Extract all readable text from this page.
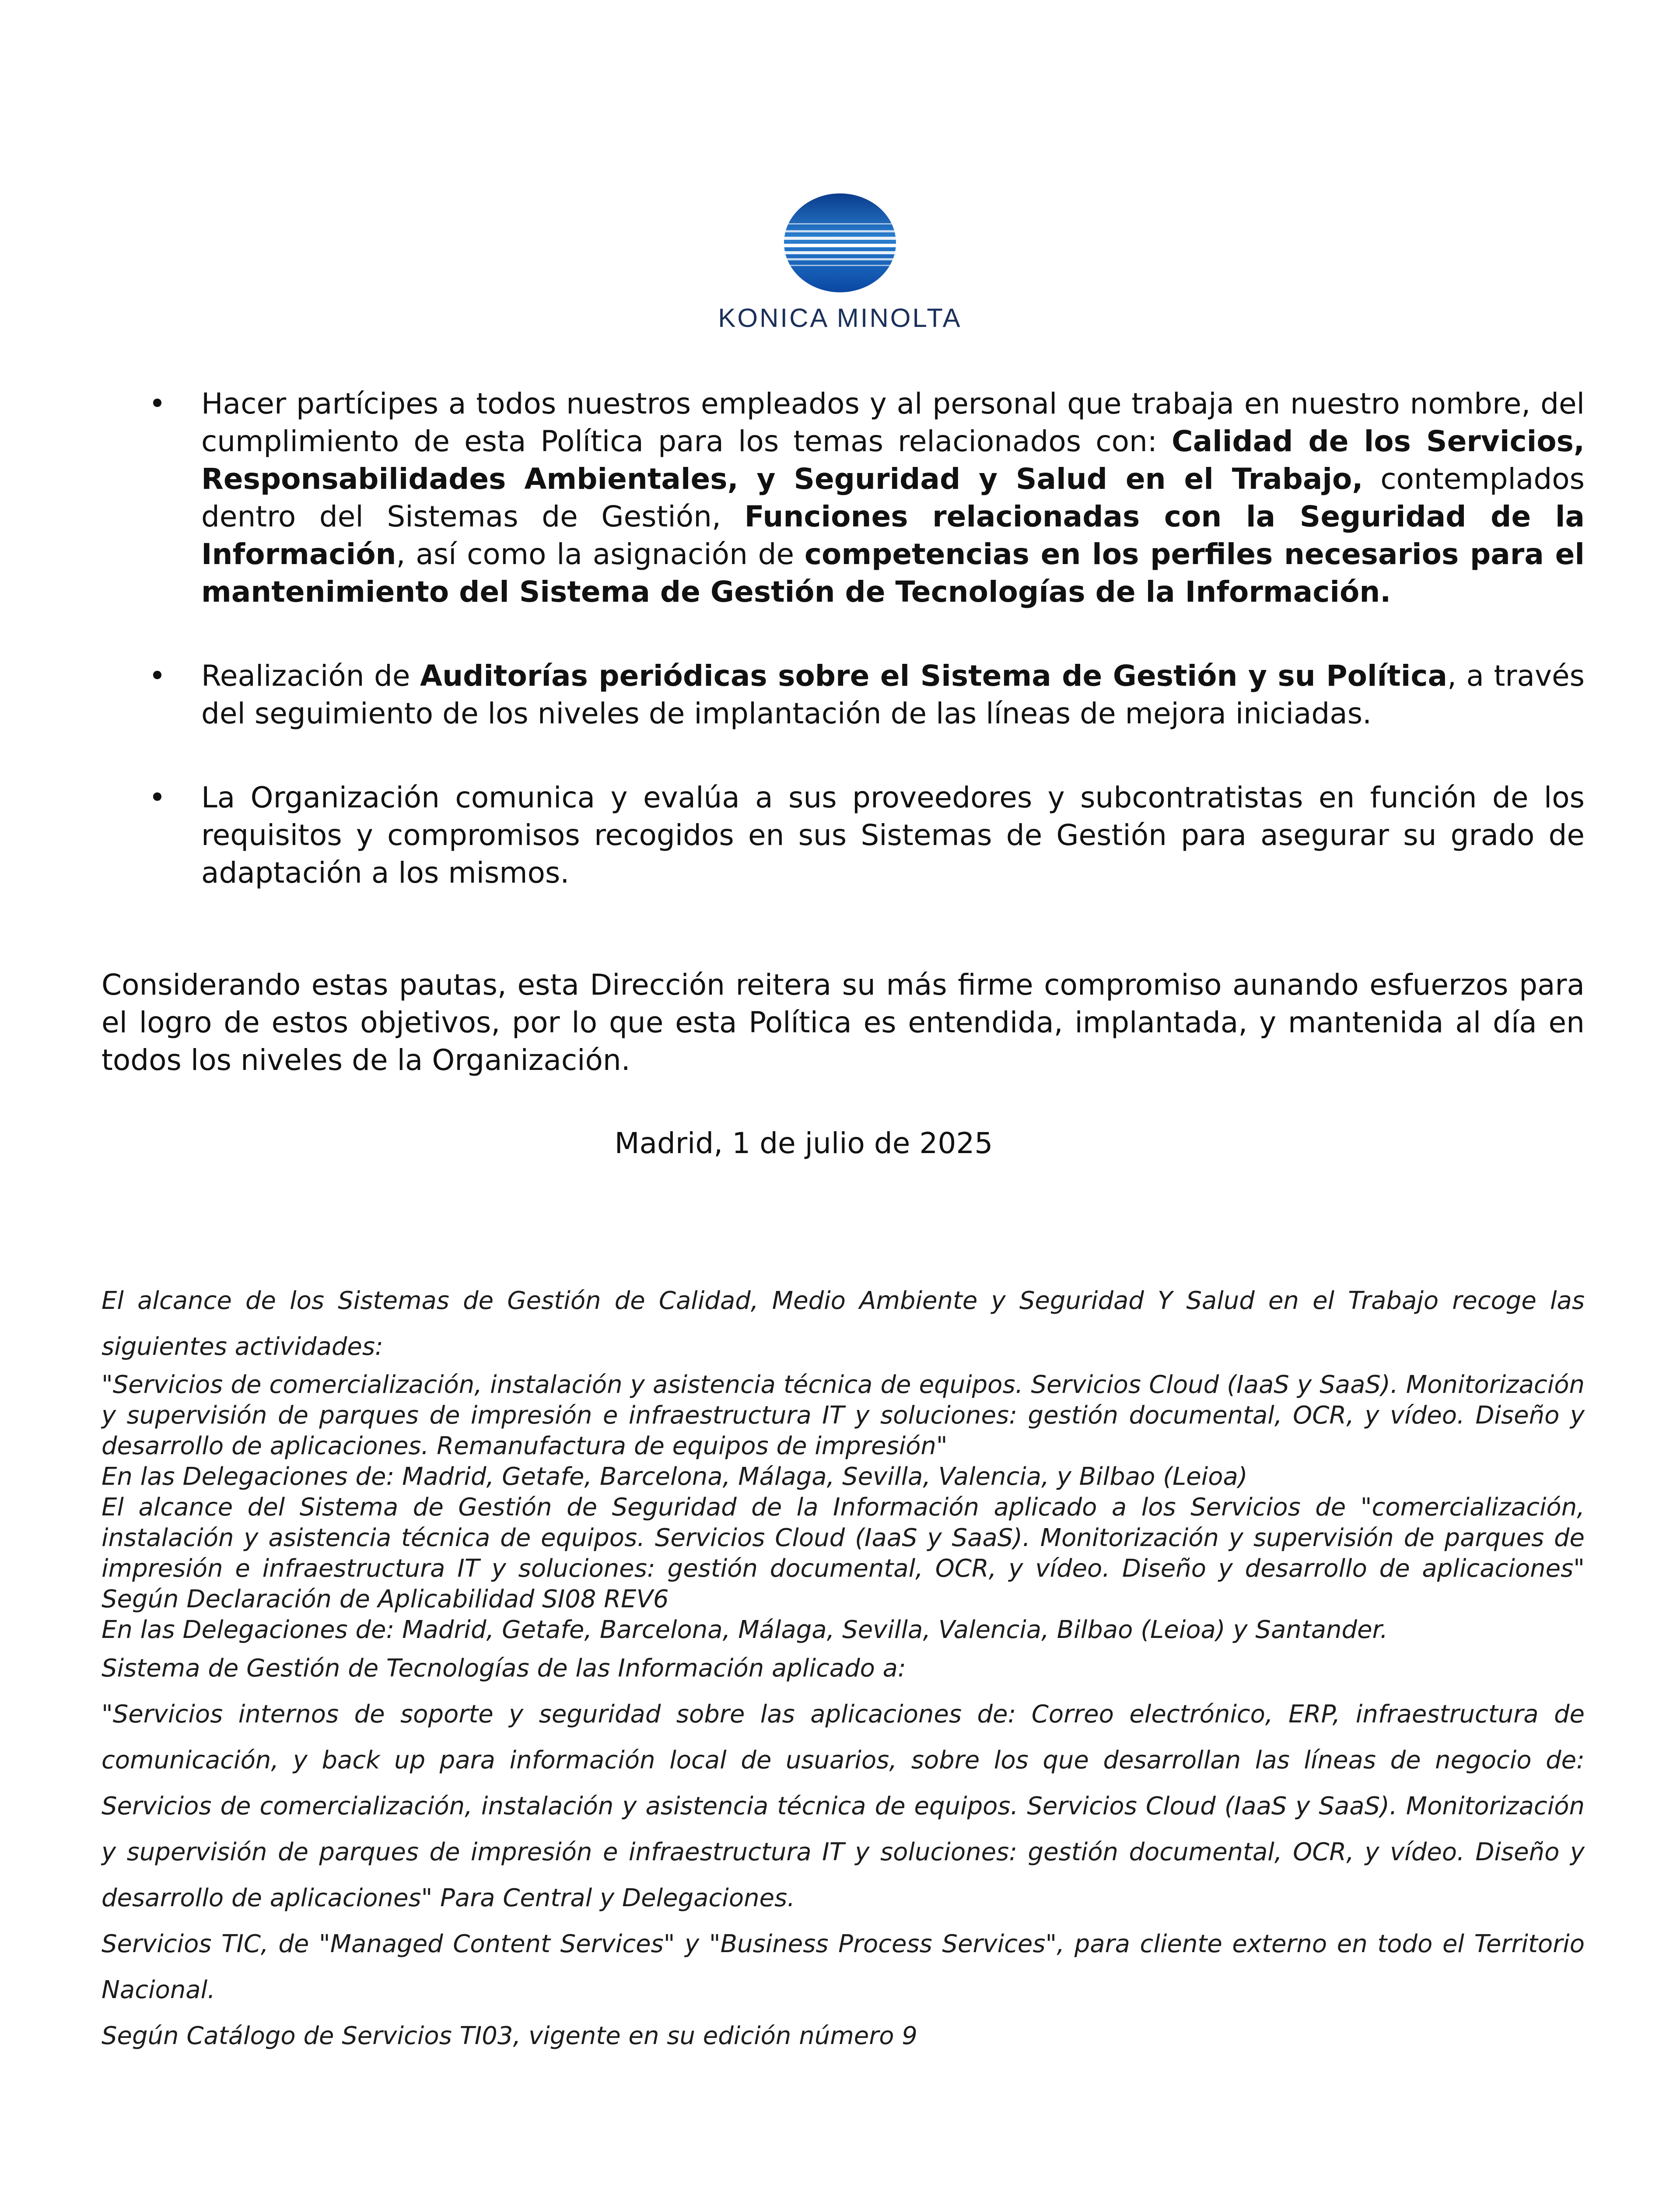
KONICA MINOLTA
• Hacer partícipes a todos nuestros empleados y al personal que trabaja en nuestro nombre, del cumplimiento de esta Política para los temas relacionados con: Calidad de los Servicios, Responsabilidades Ambientales, y Seguridad y Salud en el Trabajo, contemplados dentro del Sistemas de Gestión, Funciones relacionadas con la Seguridad de la Información, así como la asignación de competencias en los perfiles necesarios para el mantenimiento del Sistema de Gestión de Tecnologías de la Información.
• Realización de Auditorías periódicas sobre el Sistema de Gestión y su Política, a través del seguimiento de los niveles de implantación de las líneas de mejora iniciadas.
• La Organización comunica y evalúa a sus proveedores y subcontratistas en función de los requisitos y compromisos recogidos en sus Sistemas de Gestión para asegurar su grado de adaptación a los mismos.

Considerando estas pautas, esta Dirección reitera su más firme compromiso aunando esfuerzos para el logro de estos objetivos, por lo que esta Política es entendida, implantada, y mantenida al día en todos los niveles de la Organización.

Madrid, 1 de julio de 2025

El alcance de los Sistemas de Gestión de Calidad, Medio Ambiente y Seguridad Y Salud en el Trabajo recoge las siguientes actividades:

"Servicios de comercialización, instalación y asistencia técnica de equipos. Servicios Cloud (IaaS y SaaS). Monitorización y supervisión de parques de impresión e infraestructura IT y soluciones: gestión documental, OCR, y vídeo. Diseño y desarrollo de aplicaciones. Remanufactura de equipos de impresión"

En las Delegaciones de: Madrid, Getafe, Barcelona, Málaga, Sevilla, Valencia, y Bilbao (Leioa)

El alcance del Sistema de Gestión de Seguridad de la Información aplicado a los Servicios de "comercialización, instalación y asistencia técnica de equipos. Servicios Cloud (IaaS y SaaS). Monitorización y supervisión de parques de impresión e infraestructura IT y soluciones: gestión documental, OCR, y vídeo. Diseño y desarrollo de aplicaciones" Según Declaración de Aplicabilidad SI08 REV6

En las Delegaciones de: Madrid, Getafe, Barcelona, Málaga, Sevilla, Valencia, Bilbao (Leioa) y Santander.

Sistema de Gestión de Tecnologías de las Información aplicado a:

"Servicios internos de soporte y seguridad sobre las aplicaciones de: Correo electrónico, ERP, infraestructura de comunicación, y back up para información local de usuarios, sobre los que desarrollan las líneas de negocio de: Servicios de comercialización, instalación y asistencia técnica de equipos. Servicios Cloud (IaaS y SaaS). Monitorización y supervisión de parques de impresión e infraestructura IT y soluciones: gestión documental, OCR, y vídeo. Diseño y desarrollo de aplicaciones" Para Central y Delegaciones.

Servicios TIC, de "Managed Content Services" y "Business Process Services", para cliente externo en todo el Territorio Nacional.

Según Catálogo de Servicios TI03, vigente en su edición número 9
